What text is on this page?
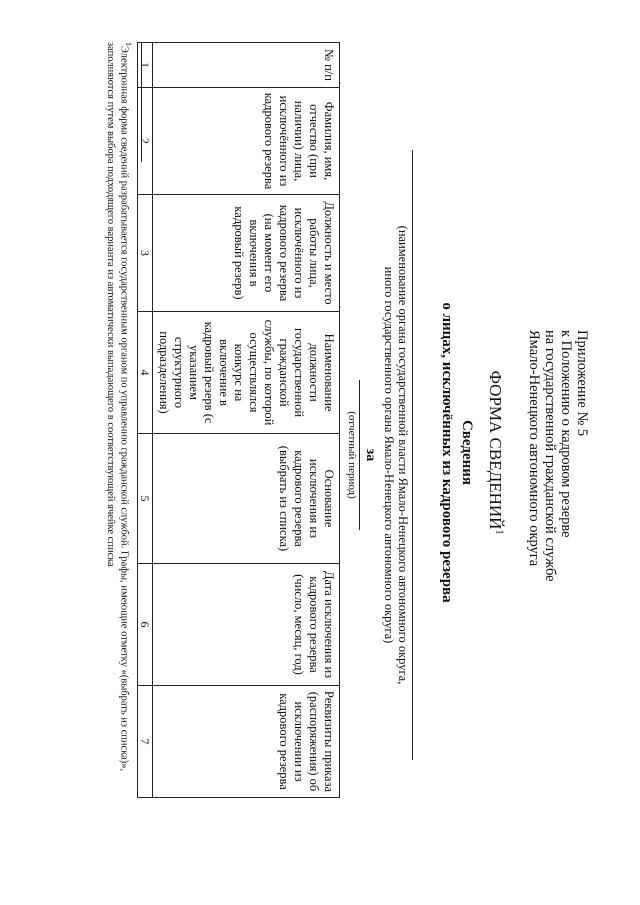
Приложение № 5
к Положению о кадровом резерве
на государственной гражданской службе
Ямало-Ненецкого автономного округа
ФОРМА СВЕДЕНИЙ$^1$
Сведения
о лицах, исключённых из кадрового резерва
(наименование органа государственной власти Ямало-Ненецкого автономного округа,
иного государственного органа Ямало-Ненецкого автономного округа)
за
(отчетный период)
№ п/п	Фамилия, имя, отчество (при наличии) лица, исключённого из кадрового резерва	Должность и место работы лица, исключённого из кадрового резерва (на момент его включения в кадровый резерв)	Наименование должности государственной гражданской службы, по которой осуществлялся конкурс на включение в кадровый резерв (с указанием структурного подразделения)	Основание исключения из кадрового резерва (выбрать из списка)	Дата исключения из кадрового резерва (число, месяц, год)	Реквизиты приказа (распоряжения) об исключении из кадрового резерва
1	2	3	4	5	6	7
$^1$Электронная форма сведений разрабатывается государственным органом по управлению гражданской службой. Графы, имеющие отметку «(выбрать из списка)», заполняются путем выбора подходящего варианта из автоматически выпадающего в соответствующей ячейке списка
